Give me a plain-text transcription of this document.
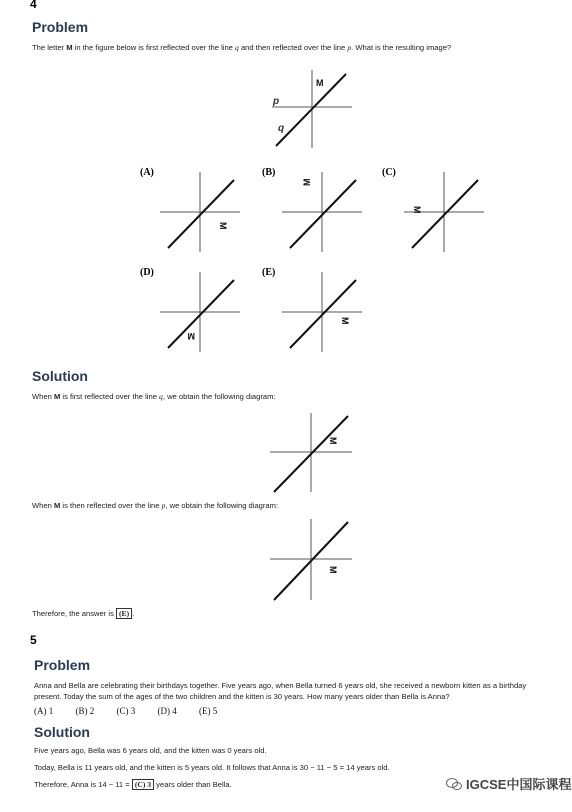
4
Problem
The letter M in the figure below is first reflected over the line q and then reflected over the line p. What is the resulting image?
M
p
q
(A)	(B)	(C)
(D)	(E)
M
M
M
M
M
Solution
When M is first reflected over the line q, we obtain the following diagram:
M
When M is then reflected over the line p, we obtain the following diagram:
M
Therefore, the answer is (E) .
5
Problem
Anna and Bella are celebrating their birthdays together. Five years ago, when Bella turned 6 years old, she received a newborn kitten as a birthday present. Today the sum of the ages of the two children and the kitten is 30 years. How many years older than Bella is Anna?
(A) 1 (B) 2 (C) 3 (D) 4 (E) 5
Solution
Five years ago, Bella was 6 years old, and the kitten was 0 years old.
Today, Bella is 11 years old, and the kitten is 5 years old. It follows that Anna is 30 − 11 − 5 = 14 years old.
Therefore, Anna is 14 − 11 = (C) 3 years older than Bella.	IGCSE中国际课程
